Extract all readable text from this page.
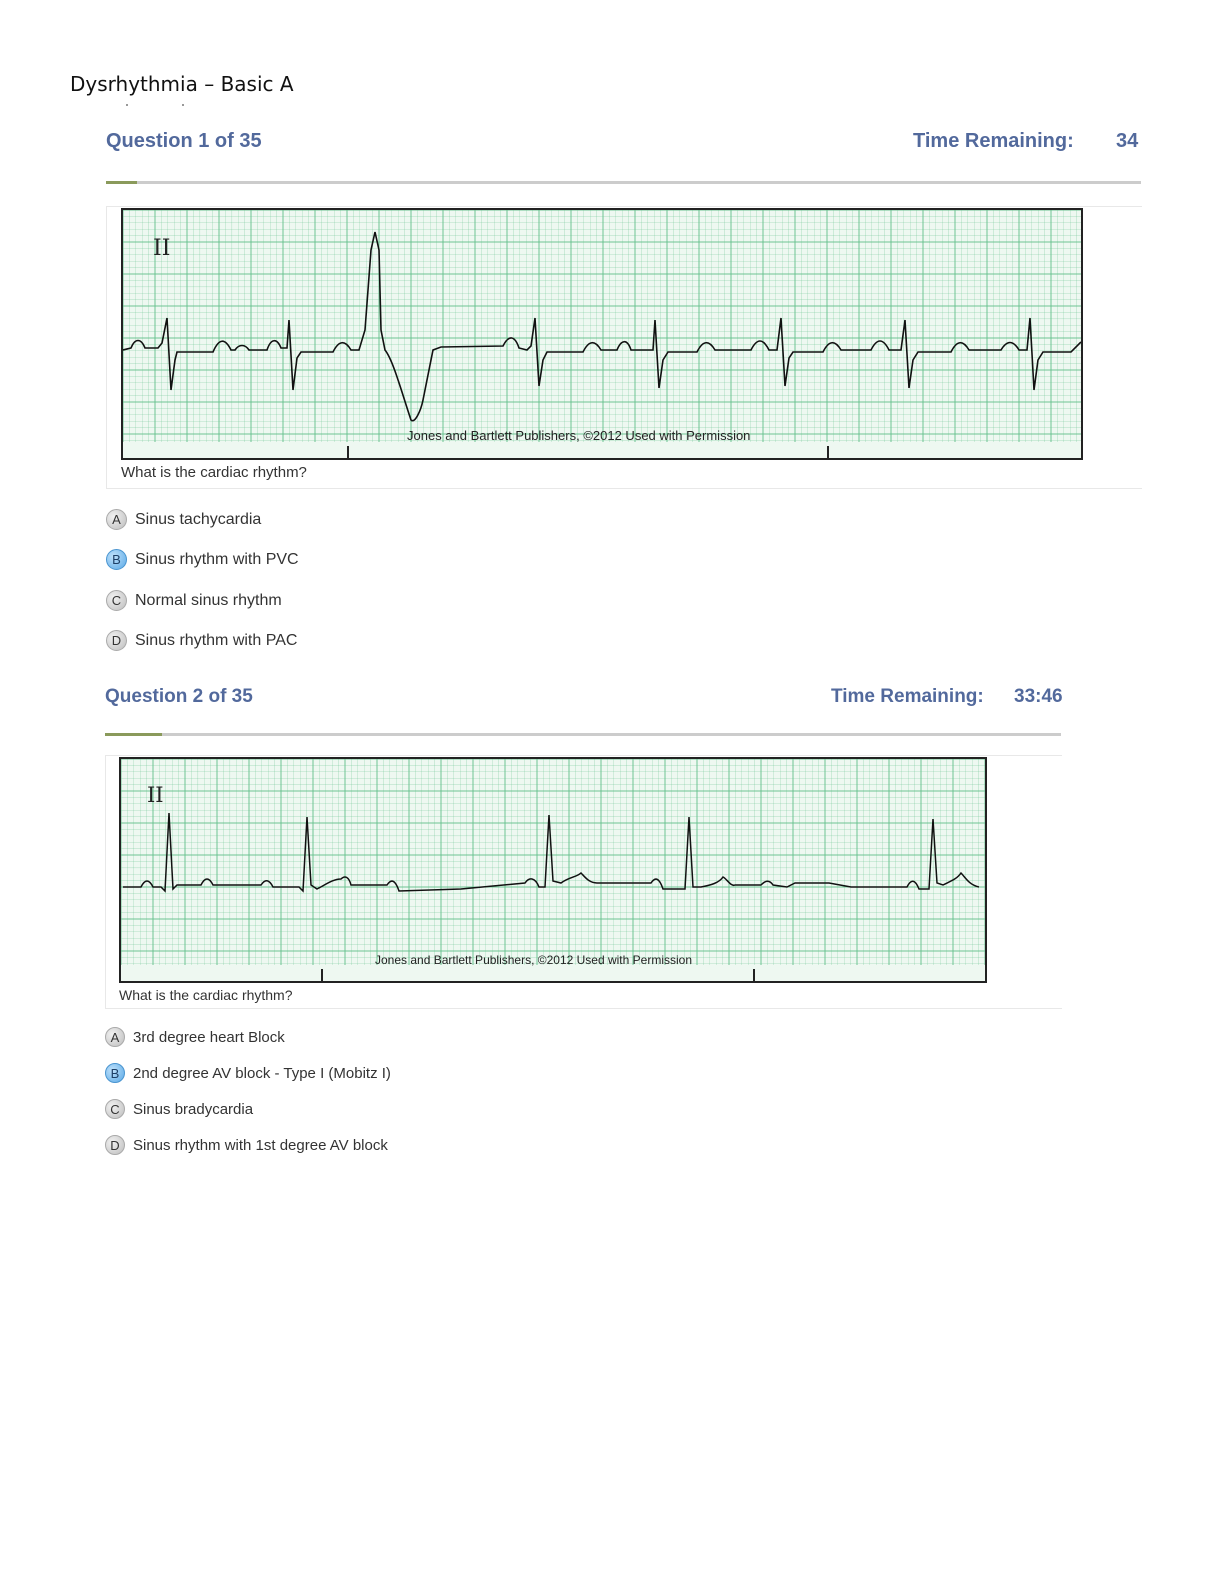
Dysrhythmia – Basic A
Question 1 of 35	Time Remaining: 34
II
Jones and Bartlett Publishers, ©2012 Used with Permission
What is the cardiac rhythm?
A Sinus tachycardia
B Sinus rhythm with PVC
C Normal sinus rhythm
D Sinus rhythm with PAC
Question 2 of 35	Time Remaining: 33:46
II
Jones and Bartlett Publishers, ©2012 Used with Permission
What is the cardiac rhythm?
A 3rd degree heart Block
B 2nd degree AV block - Type I (Mobitz I)
C Sinus bradycardia
D Sinus rhythm with 1st degree AV block
